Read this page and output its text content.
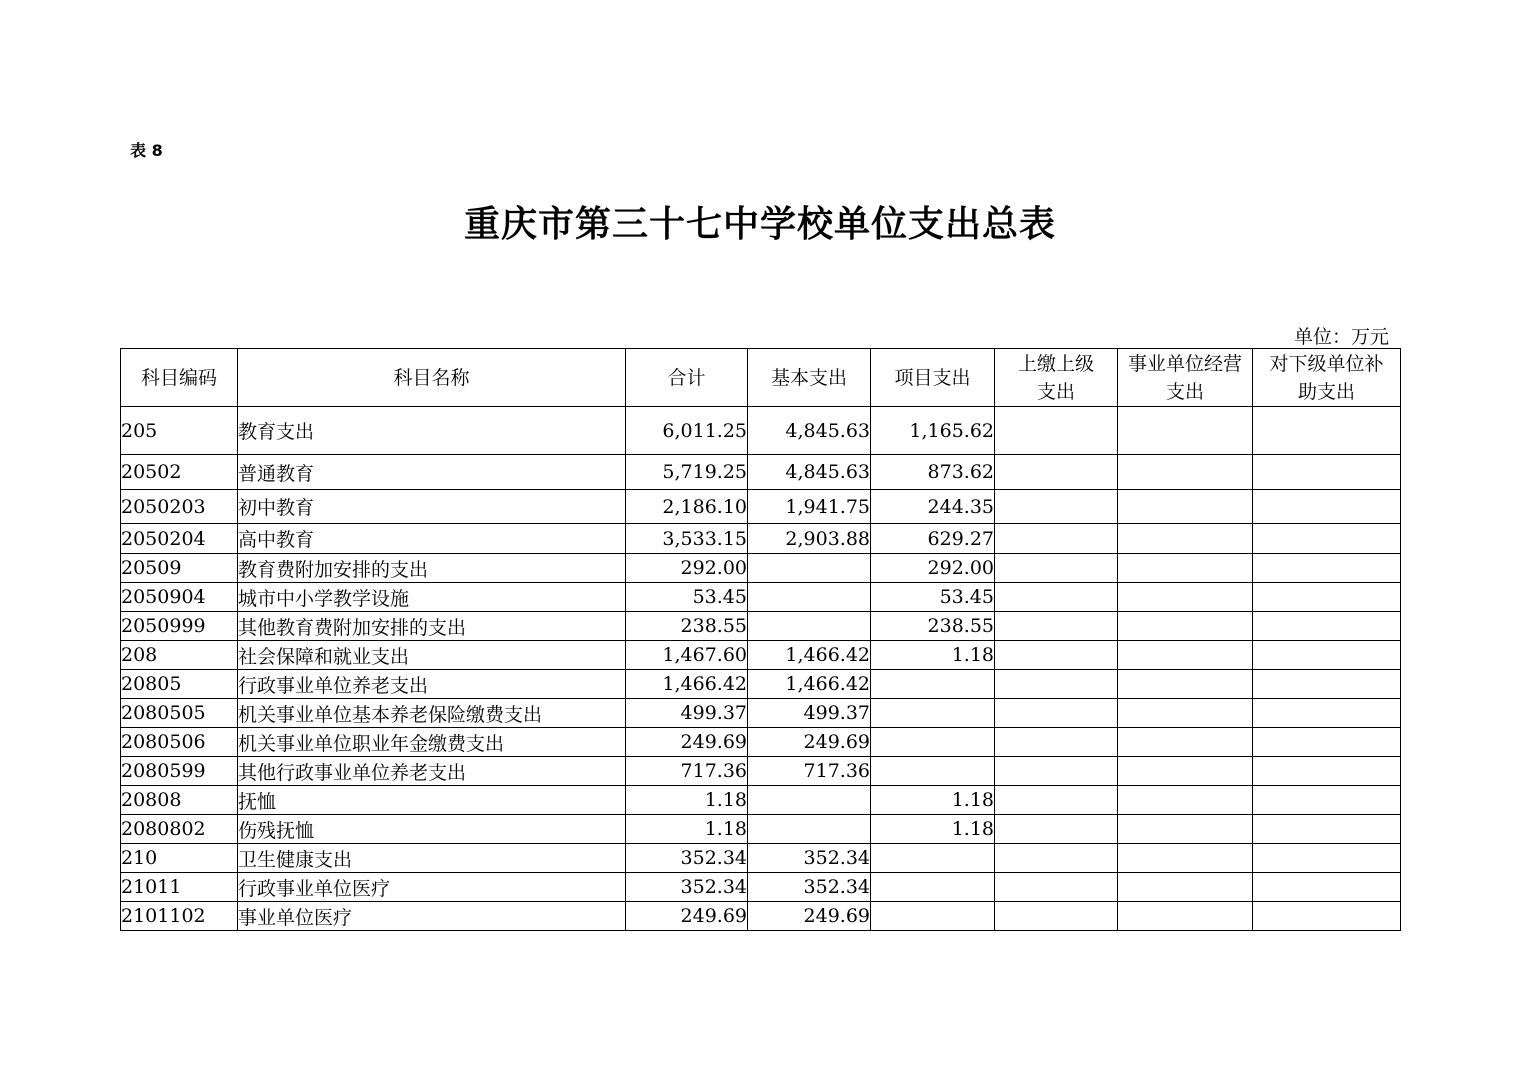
表 8
重庆市第三十七中学校单位支出总表
单位：万元
科目编码	科目名称	合计	基本支出	项目支出	上缴上级支出	事业单位经营支出	对下级单位补助支出
205	教育支出	6,011.25	4,845.63	1,165.62			
20502	普通教育	5,719.25	4,845.63	873.62			
2050203	初中教育	2,186.10	1,941.75	244.35			
2050204	高中教育	3,533.15	2,903.88	629.27			
20509	教育费附加安排的支出	292.00		292.00			
2050904	城市中小学教学设施	53.45		53.45			
2050999	其他教育费附加安排的支出	238.55		238.55			
208	社会保障和就业支出	1,467.60	1,466.42	1.18			
20805	行政事业单位养老支出	1,466.42	1,466.42				
2080505	机关事业单位基本养老保险缴费支出	499.37	499.37				
2080506	机关事业单位职业年金缴费支出	249.69	249.69				
2080599	其他行政事业单位养老支出	717.36	717.36				
20808	抚恤	1.18		1.18			
2080802	伤残抚恤	1.18		1.18			
210	卫生健康支出	352.34	352.34				
21011	行政事业单位医疗	352.34	352.34				
2101102	事业单位医疗	249.69	249.69				
